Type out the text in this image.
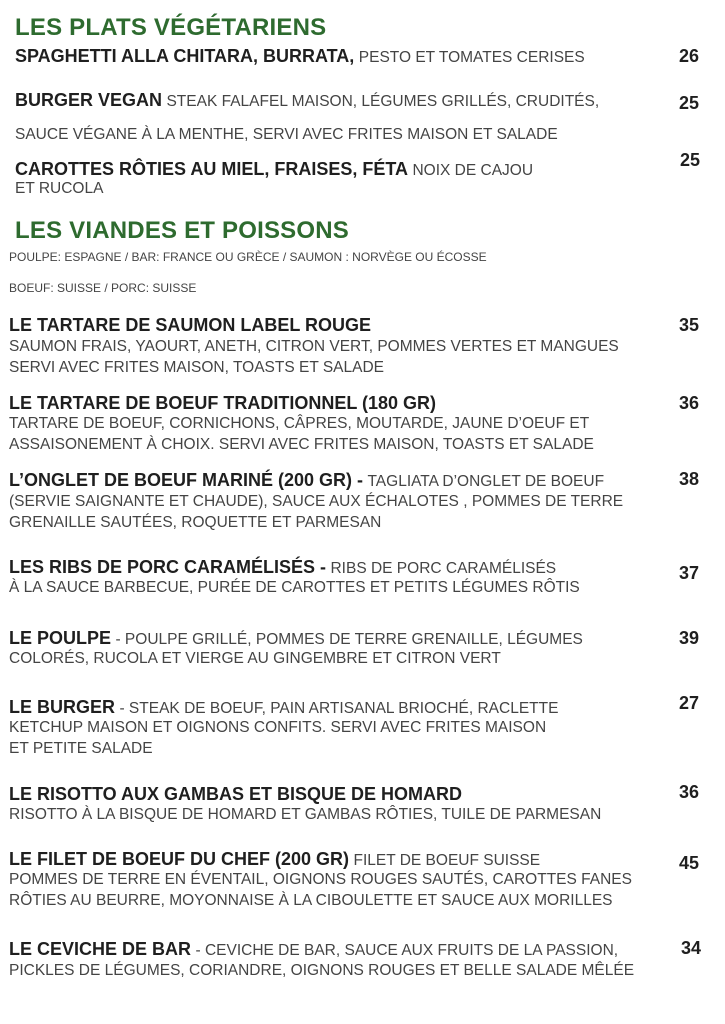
LES PLATS VÉGÉTARIENS
SPAGHETTI ALLA CHITARA, BURRATA, PESTO ET TOMATES CERISES	26
BURGER VEGAN STEAK FALAFEL MAISON, LÉGUMES GRILLÉS, CRUDITÉS,
SAUCE VÉGANE À LA MENTHE, SERVI AVEC FRITES MAISON ET SALADE
25
CAROTTES RÔTIES AU MIEL, FRAISES, FÉTA NOIX DE CAJOU
ET RUCOLA
25
LES VIANDES ET POISSONS
POULPE: ESPAGNE / BAR: FRANCE OU GRÈCE / SAUMON : NORVÈGE OU ÉCOSSE
BOEUF: SUISSE / PORC: SUISSE
LE TARTARE DE SAUMON LABEL ROUGE
SAUMON FRAIS, YAOURT, ANETH, CITRON VERT, POMMES VERTES ET MANGUES
SERVI AVEC FRITES MAISON, TOASTS ET SALADE
35
LE TARTARE DE BOEUF TRADITIONNEL (180 GR)
TARTARE DE BOEUF, CORNICHONS, CÂPRES, MOUTARDE, JAUNE D’OEUF ET
ASSAISONEMENT À CHOIX. SERVI AVEC FRITES MAISON, TOASTS ET SALADE
36
L’ONGLET DE BOEUF MARINÉ (200 GR) - TAGLIATA D’ONGLET DE BOEUF
(SERVIE SAIGNANTE ET CHAUDE), SAUCE AUX ÉCHALOTES , POMMES DE TERRE
GRENAILLE SAUTÉES, ROQUETTE ET PARMESAN
38
LES RIBS DE PORC CARAMÉLISÉS - RIBS DE PORC CARAMÉLISÉS
À LA SAUCE BARBECUE, PURÉE DE CAROTTES ET PETITS LÉGUMES RÔTIS
37
LE POULPE - POULPE GRILLÉ, POMMES DE TERRE GRENAILLE, LÉGUMES
COLORÉS, RUCOLA ET VIERGE AU GINGEMBRE ET CITRON VERT
39
LE BURGER - STEAK DE BOEUF, PAIN ARTISANAL BRIOCHÉ, RACLETTE
KETCHUP MAISON ET OIGNONS CONFITS. SERVI AVEC FRITES MAISON
ET PETITE SALADE
27
LE RISOTTO AUX GAMBAS ET BISQUE DE HOMARD
RISOTTO À LA BISQUE DE HOMARD ET GAMBAS RÔTIES, TUILE DE PARMESAN
36
LE FILET DE BOEUF DU CHEF (200 GR) FILET DE BOEUF SUISSE
POMMES DE TERRE EN ÉVENTAIL, OIGNONS ROUGES SAUTÉS, CAROTTES FANES
RÔTIES AU BEURRE, MOYONNAISE À LA CIBOULETTE ET SAUCE AUX MORILLES
45
LE CEVICHE DE BAR - CEVICHE DE BAR, SAUCE AUX FRUITS DE LA PASSION,
PICKLES DE LÉGUMES, CORIANDRE, OIGNONS ROUGES ET BELLE SALADE MÊLÉE
34
